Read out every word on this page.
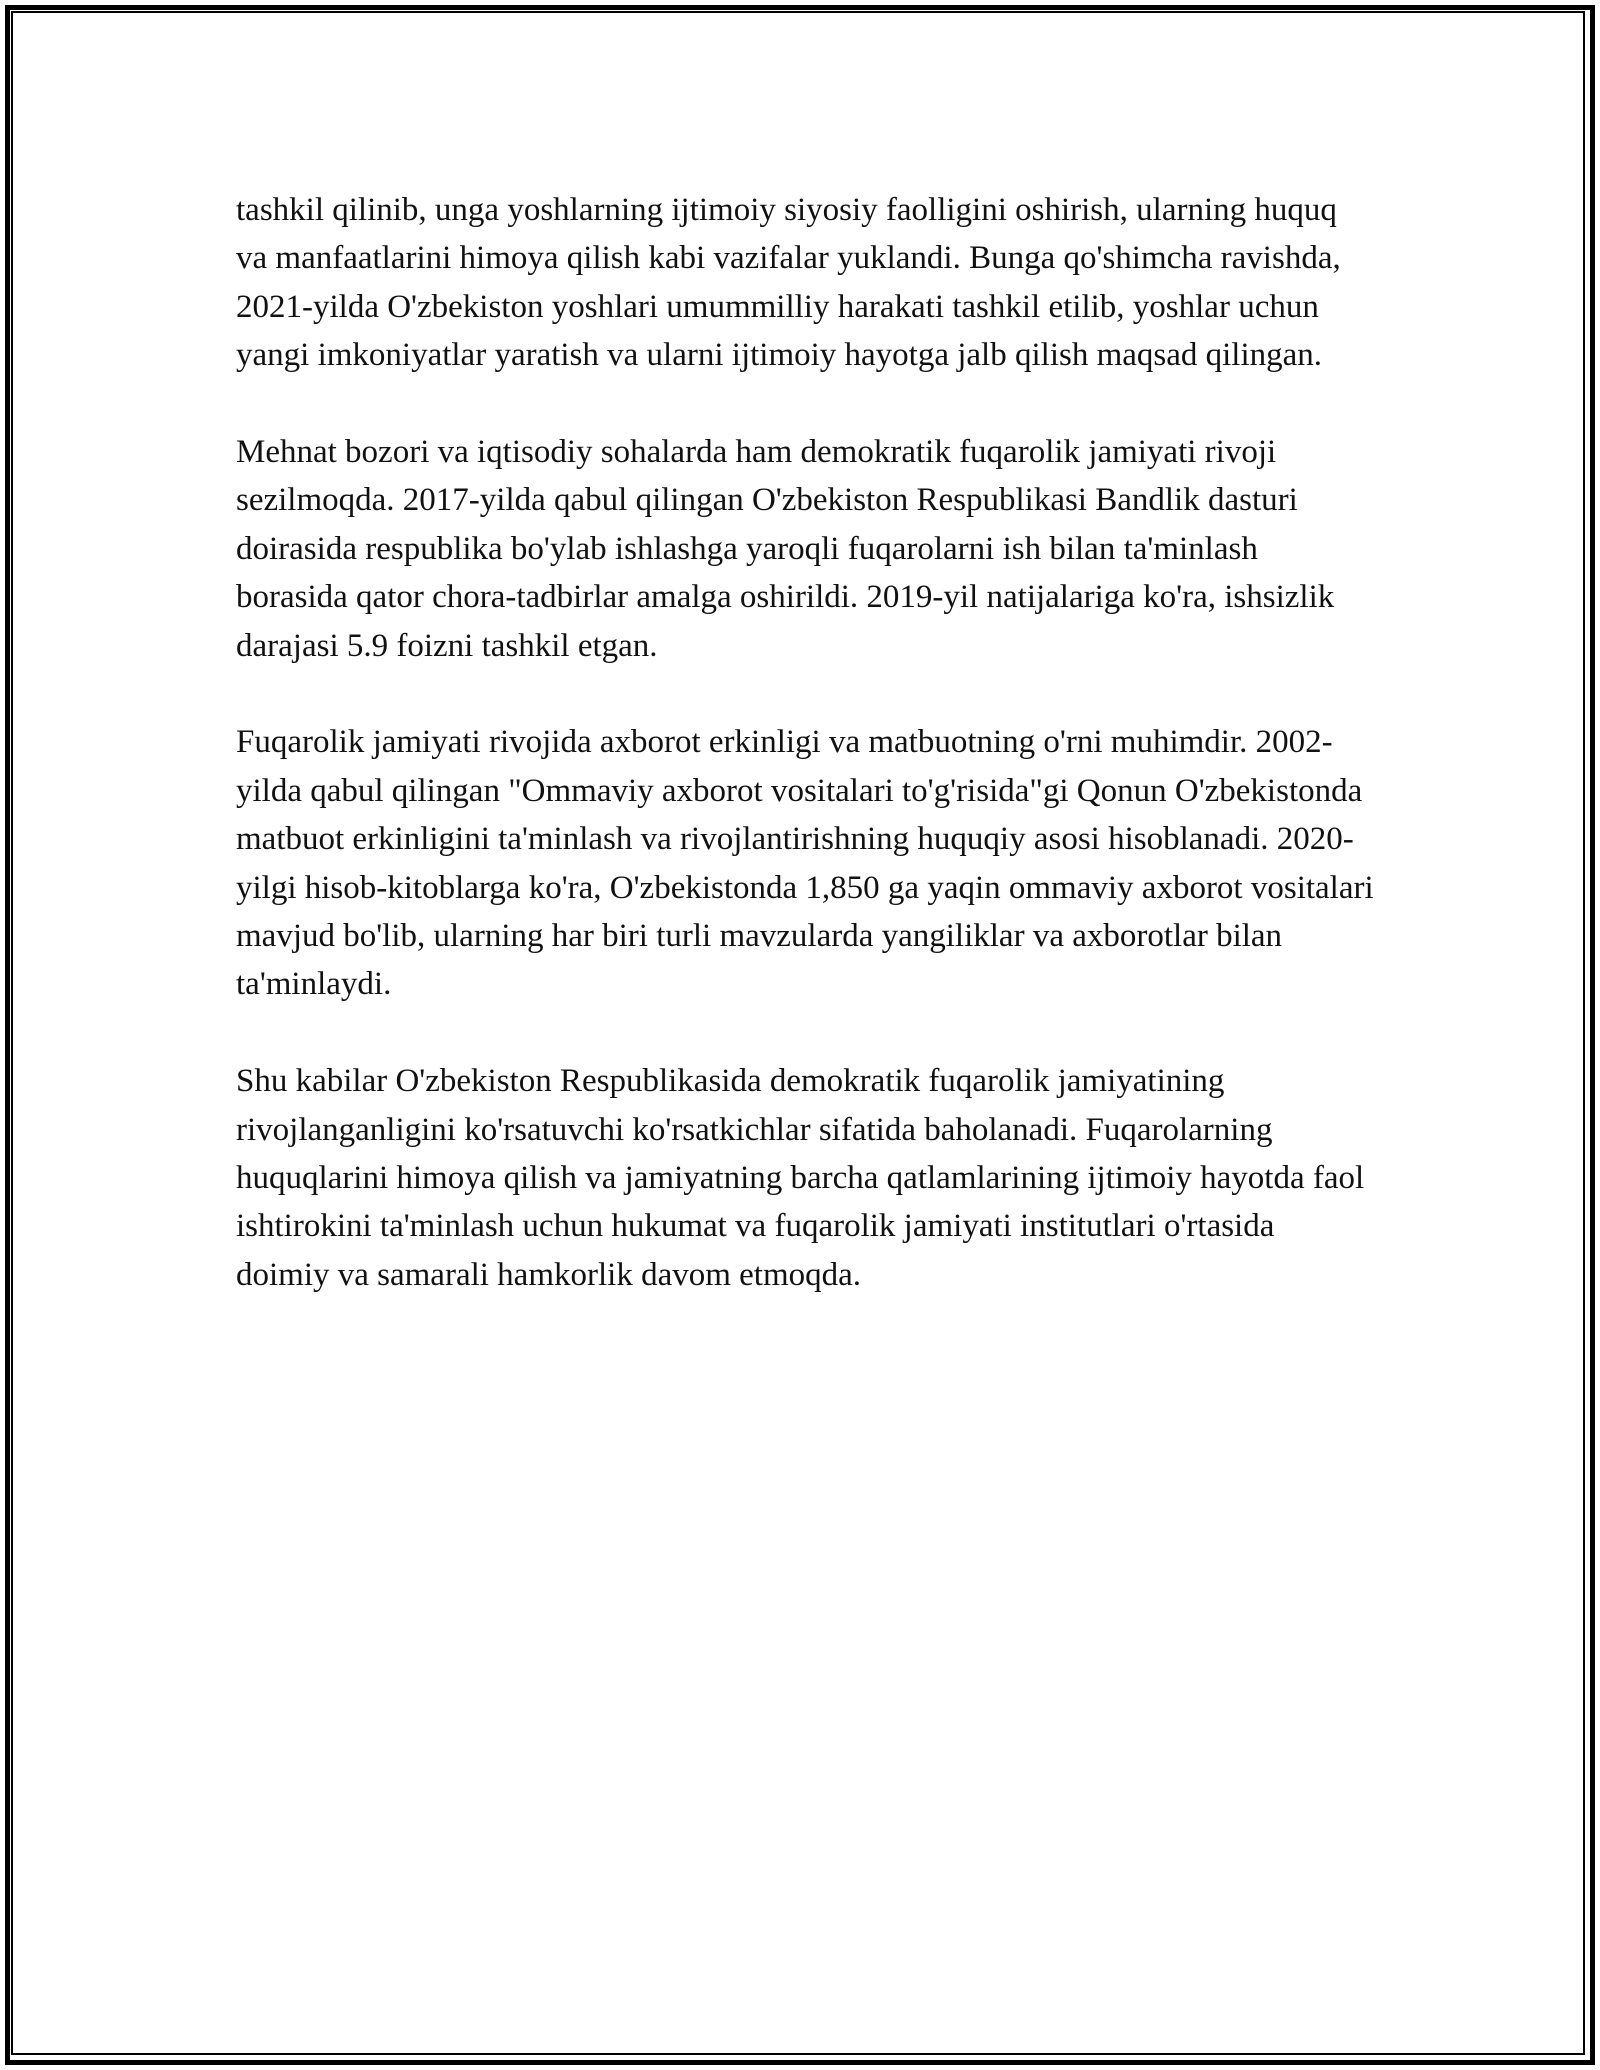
tashkil qilinib, unga yoshlarning ijtimoiy siyosiy faolligini oshirish, ularning huquq va manfaatlarini himoya qilish kabi vazifalar yuklandi. Bunga qo'shimcha ravishda, 2021-yilda O'zbekiston yoshlari umummilliy harakati tashkil etilib, yoshlar uchun yangi imkoniyatlar yaratish va ularni ijtimoiy hayotga jalb qilish maqsad qilingan.

Mehnat bozori va iqtisodiy sohalarda ham demokratik fuqarolik jamiyati rivoji sezilmoqda. 2017-yilda qabul qilingan O'zbekiston Respublikasi Bandlik dasturi doirasida respublika bo'ylab ishlashga yaroqli fuqarolarni ish bilan ta'minlash borasida qator chora-tadbirlar amalga oshirildi. 2019-yil natijalariga ko'ra, ishsizlik darajasi 5.9 foizni tashkil etgan.

Fuqarolik jamiyati rivojida axborot erkinligi va matbuotning o'rni muhimdir. 2002-yilda qabul qilingan "Ommaviy axborot vositalari to'g'risida"gi Qonun O'zbekistonda matbuot erkinligini ta'minlash va rivojlantirishning huquqiy asosi hisoblanadi. 2020-yilgi hisob-kitoblarga ko'ra, O'zbekistonda 1,850 ga yaqin ommaviy axborot vositalari mavjud bo'lib, ularning har biri turli mavzularda yangiliklar va axborotlar bilan ta'minlaydi.

Shu kabilar O'zbekiston Respublikasida demokratik fuqarolik jamiyatining rivojlanganligini ko'rsatuvchi ko'rsatkichlar sifatida baholanadi. Fuqarolarning huquqlarini himoya qilish va jamiyatning barcha qatlamlarining ijtimoiy hayotda faol ishtirokini ta'minlash uchun hukumat va fuqarolik jamiyati institutlari o'rtasida doimiy va samarali hamkorlik davom etmoqda.
